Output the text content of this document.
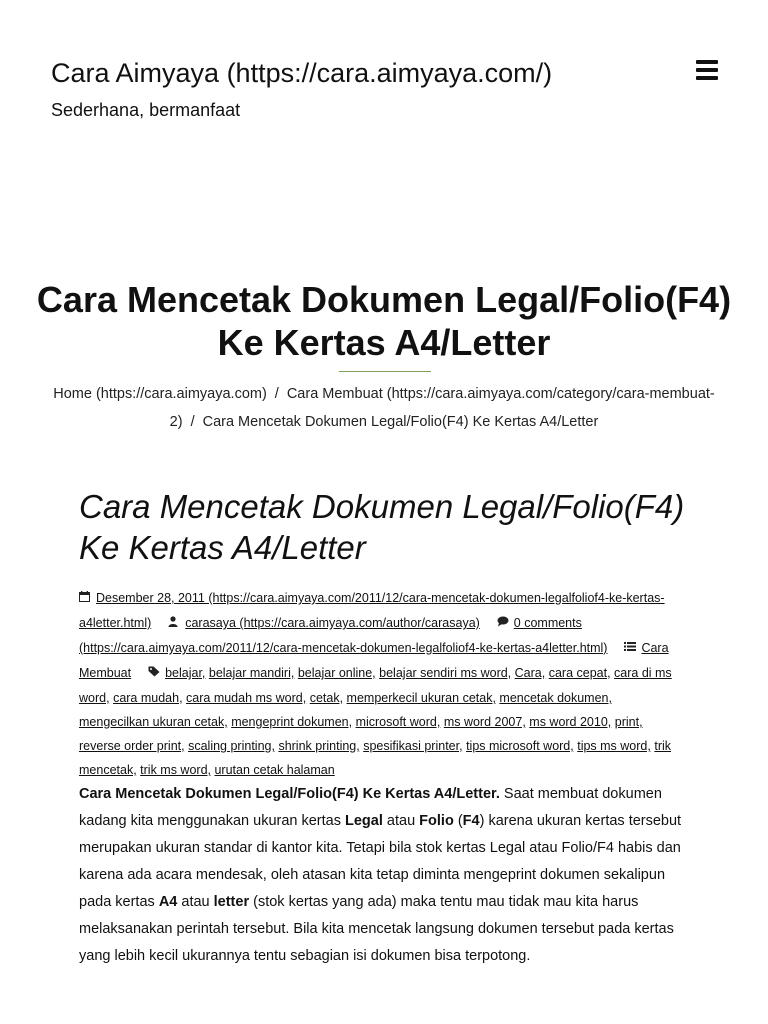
Cara Aimyaya (https://cara.aimyaya.com/)

Sederhana, bermanfaat

Cara Mencetak Dokumen Legal/Folio(F4) Ke Kertas A4/Letter
Home (https://cara.aimyaya.com) / Cara Membuat (https://cara.aimyaya.com/category/cara-membuat-2) / Cara Mencetak Dokumen Legal/Folio(F4) Ke Kertas A4/Letter
Cara Mencetak Dokumen Legal/Folio(F4) Ke Kertas A4/Letter
Desember 28, 2011 (https://cara.aimyaya.com/2011/12/cara-mencetak-dokumen-legalfoliof4-ke-kertas-a4letter.html)	carasaya (https://cara.aimyaya.com/author/carasaya)	0 comments (https://cara.aimyaya.com/2011/12/cara-mencetak-dokumen-legalfoliof4-ke-kertas-a4letter.html)	Cara Membuat	belajar, belajar mandiri, belajar online, belajar sendiri ms word, Cara, cara cepat, cara di ms word, cara mudah, cara mudah ms word, cetak, memperkecil ukuran cetak, mencetak dokumen, mengecilkan ukuran cetak, mengeprint dokumen, microsoft word, ms word 2007, ms word 2010, print, reverse order print, scaling printing, shrink printing, spesifikasi printer, tips microsoft word, tips ms word, trik mencetak, trik ms word, urutan cetak halaman

Cara Mencetak Dokumen Legal/Folio(F4) Ke Kertas A4/Letter. Saat membuat dokumen kadang kita menggunakan ukuran kertas Legal atau Folio (F4) karena ukuran kertas tersebut merupakan ukuran standar di kantor kita. Tetapi bila stok kertas Legal atau Folio/F4 habis dan karena ada acara mendesak, oleh atasan kita tetap diminta mengeprint dokumen sekalipun pada kertas A4 atau letter (stok kertas yang ada) maka tentu mau tidak mau kita harus melaksanakan perintah tersebut. Bila kita mencetak langsung dokumen tersebut pada kertas yang lebih kecil ukurannya tentu sebagian isi dokumen bisa terpotong.
